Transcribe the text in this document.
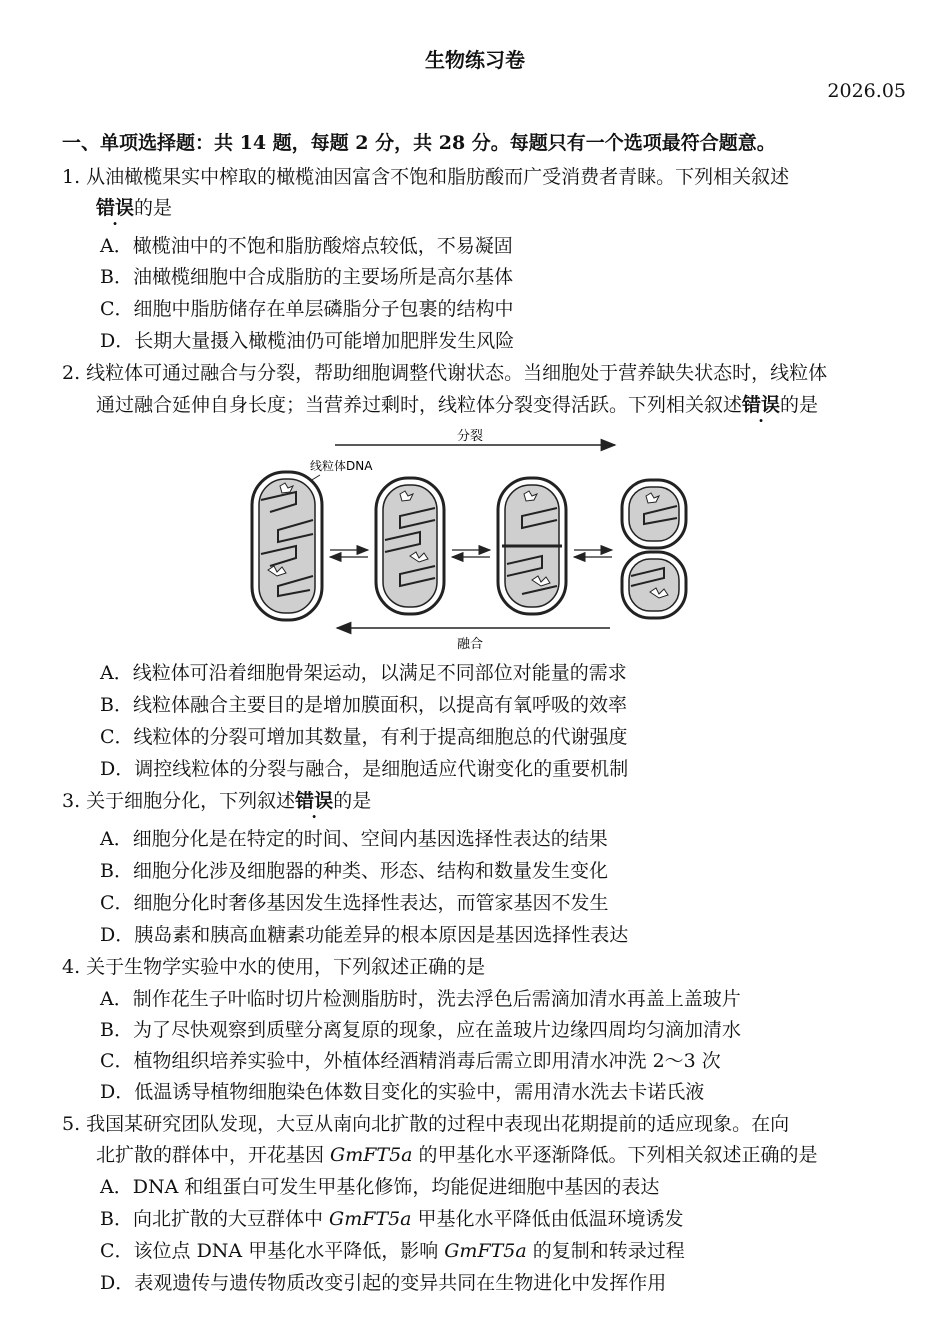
生物练习卷
2026.05
一、单项选择题：共 14 题，每题 2 分，共 28 分。每题只有一个选项最符合题意。
1. 从油橄榄果实中榨取的橄榄油因富含不饱和脂肪酸而广受消费者青睐。下列相关叙述
错误的是
A．橄榄油中的不饱和脂肪酸熔点较低，不易凝固
B．油橄榄细胞中合成脂肪的主要场所是高尔基体
C．细胞中脂肪储存在单层磷脂分子包裹的结构中
D．长期大量摄入橄榄油仍可能增加肥胖发生风险
2. 线粒体可通过融合与分裂，帮助细胞调整代谢状态。当细胞处于营养缺失状态时，线粒体
通过融合延伸自身长度；当营养过剩时，线粒体分裂变得活跃。下列相关叙述错误的是
分裂
融合
线粒体DNA
A．线粒体可沿着细胞骨架运动，以满足不同部位对能量的需求
B．线粒体融合主要目的是增加膜面积，以提高有氧呼吸的效率
C．线粒体的分裂可增加其数量，有利于提高细胞总的代谢强度
D．调控线粒体的分裂与融合，是细胞适应代谢变化的重要机制
3. 关于细胞分化，下列叙述错误的是
A．细胞分化是在特定的时间、空间内基因选择性表达的结果
B．细胞分化涉及细胞器的种类、形态、结构和数量发生变化
C．细胞分化时奢侈基因发生选择性表达，而管家基因不发生
D．胰岛素和胰高血糖素功能差异的根本原因是基因选择性表达
4. 关于生物学实验中水的使用，下列叙述正确的是
A．制作花生子叶临时切片检测脂肪时，洗去浮色后需滴加清水再盖上盖玻片
B．为了尽快观察到质壁分离复原的现象，应在盖玻片边缘四周均匀滴加清水
C．植物组织培养实验中，外植体经酒精消毒后需立即用清水冲洗 2～3 次
D．低温诱导植物细胞染色体数目变化的实验中，需用清水洗去卡诺氏液
5. 我国某研究团队发现，大豆从南向北扩散的过程中表现出花期提前的适应现象。在向
北扩散的群体中，开花基因 GmFT5a 的甲基化水平逐渐降低。下列相关叙述正确的是
A．DNA 和组蛋白可发生甲基化修饰，均能促进细胞中基因的表达
B．向北扩散的大豆群体中 GmFT5a 甲基化水平降低由低温环境诱发
C．该位点 DNA 甲基化水平降低，影响 GmFT5a 的复制和转录过程
D．表观遗传与遗传物质改变引起的变异共同在生物进化中发挥作用
